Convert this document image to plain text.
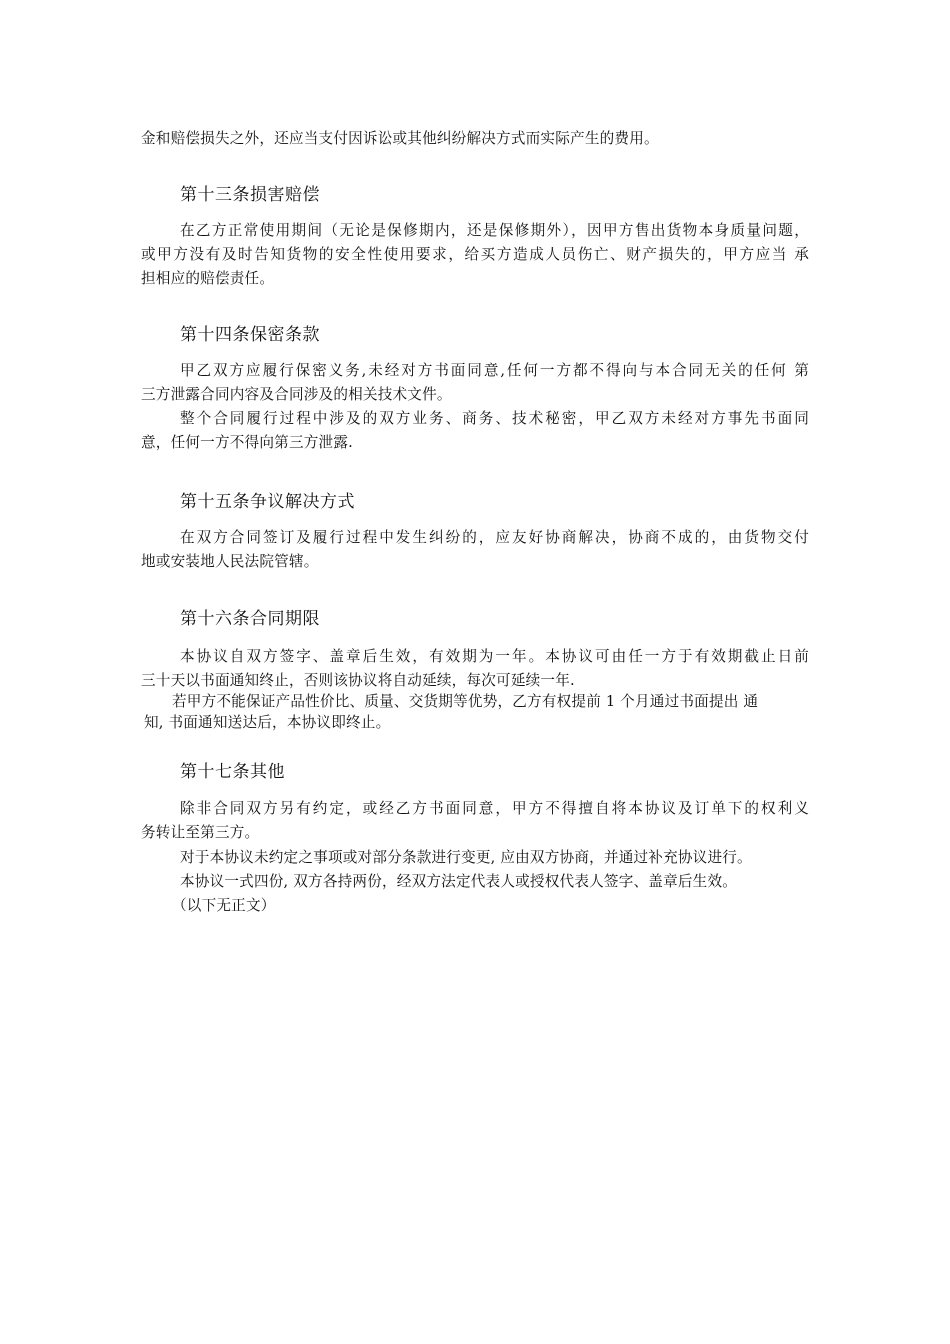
金和赔偿损失之外，还应当支付因诉讼或其他纠纷解决方式而实际产生的费用。
第十三条损害赔偿
在乙方正常使用期间（无论是保修期内，还是保修期外），因甲方售出货物本身质量问题，
或甲方没有及时告知货物的安全性使用要求，给买方造成人员伤亡、财产损失的，甲方应当 承
担相应的赔偿责任。
第十四条保密条款
甲乙双方应履行保密义务,未经对方书面同意,任何一方都不得向与本合同无关的任何 第
三方泄露合同内容及合同涉及的相关技术文件。
整个合同履行过程中涉及的双方业务、商务、技术秘密，甲乙双方未经对方事先书面同
意，任何一方不得向第三方泄露.
第十五条争议解决方式
在双方合同签订及履行过程中发生纠纷的，应友好协商解决，协商不成的，由货物交付
地或安装地人民法院管辖。
第十六条合同期限
本协议自双方签字、盖章后生效，有效期为一年。本协议可由任一方于有效期截止日前
三十天以书面通知终止，否则该协议将自动延续，每次可延续一年.
若甲方不能保证产品性价比、质量、交货期等优势，乙方有权提前 1 个月通过书面提出 通
知, 书面通知送达后，本协议即终止。
第十七条其他
除非合同双方另有约定，或经乙方书面同意，甲方不得擅自将本协议及订单下的权利义
务转让至第三方。
对于本协议未约定之事项或对部分条款进行变更, 应由双方协商，并通过补充协议进行。
本协议一式四份, 双方各持两份，经双方法定代表人或授权代表人签字、盖章后生效。
（以下无正文）
